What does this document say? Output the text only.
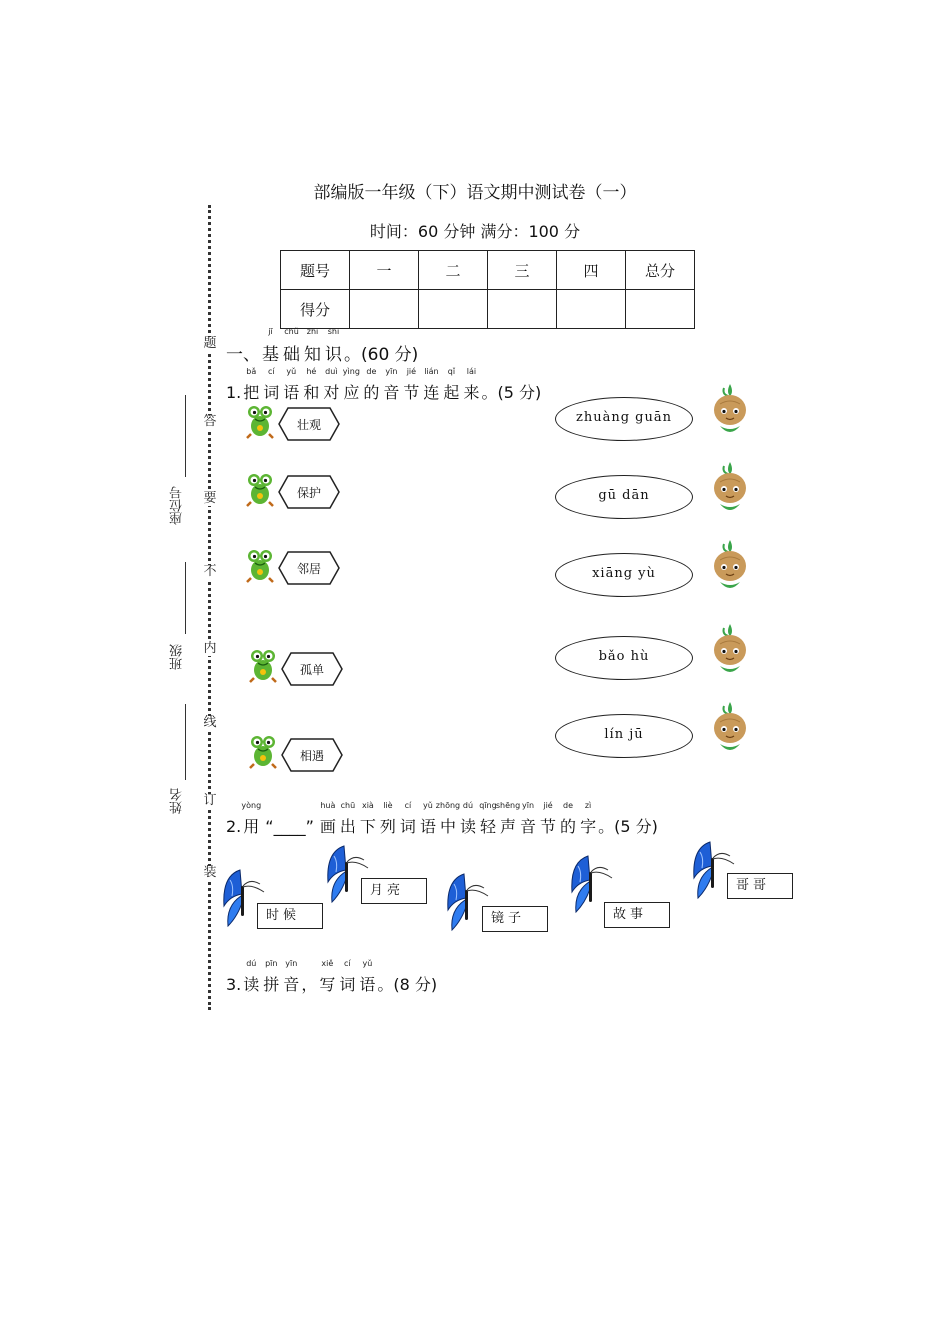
部编版一年级（下）语文期中测试卷（一）
时间：60 分钟 满分：100 分
题号	一	二	三	四	总分
得分					
题
答
要
不
内
线
订
装
座位号
班级
姓名
一、
jī
基
chǔ
础
zhī
知
shi
识 。(60 分)
1.
bǎ
把
cí
词
yǔ
语
hé
和
duì
对
yìng
应
de
的
yīn
音
jié
节
lián
连
qǐ
起
lái
来 。(5 分)
壮观
保护
邻居
孤单
相遇
zhuàng guān
gū dān
xiāng yù
bǎo hù
lín jū
2.
yòng
用 “____”
huà
画
chū
出
xià
下
liè
列
cí
词
yǔ
语
zhōng
中
dú
读
qīng
轻
shēng
声
yīn
音
jié
节
de
的
zì
字 。(5 分)
时候
月亮
镜子	故事
哥哥
3.
dú
读
pīn
拼
yīn
音 ，
xiě
写
cí
词
yǔ
语 。(8 分)
